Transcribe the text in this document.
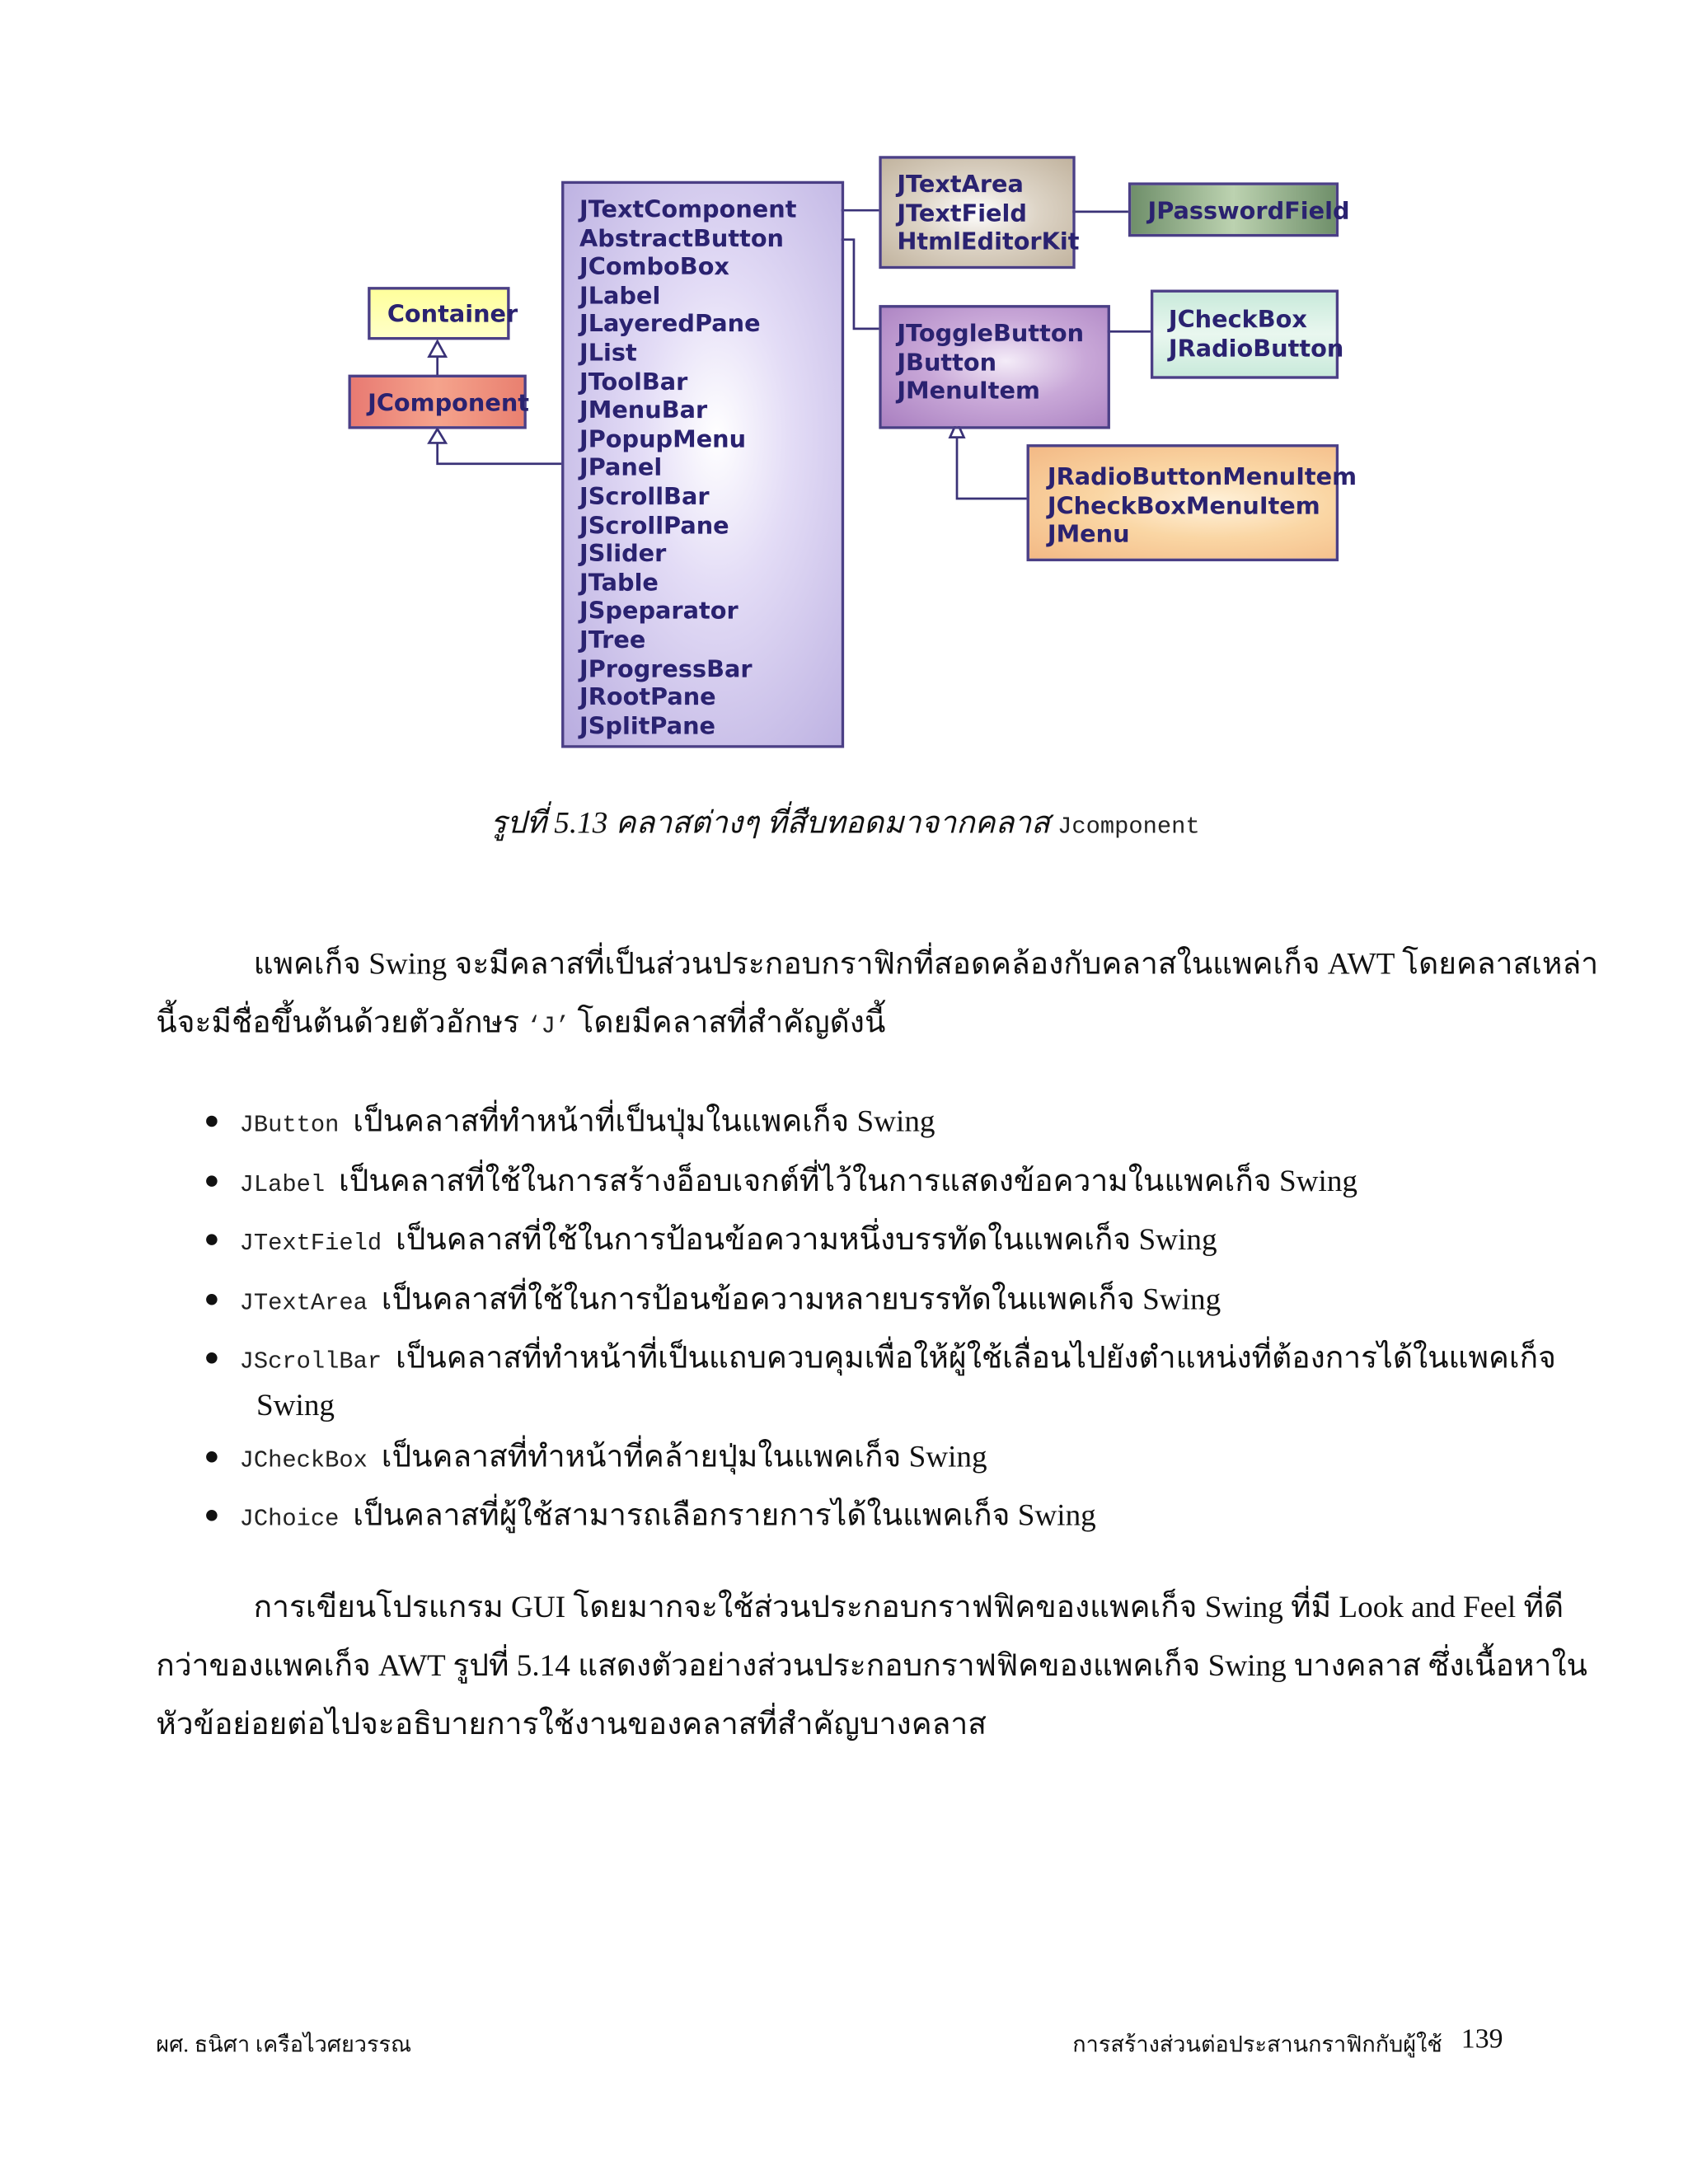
Container
JComponent
JTextComponent
AbstractButton
JComboBox
JLabel
JLayeredPane
JList
JToolBar
JMenuBar
JPopupMenu
JPanel
JScrollBar
JScrollPane
JSlider
JTable
JSpeparator
JTree
JProgressBar
JRootPane
JSplitPane
JTextArea
JTextField
HtmlEditorKit
JPasswordField
JToggleButton
JButton
JMenuItem
JCheckBox
JRadioButton
JRadioButtonMenuItem
JCheckBoxMenuItem
JMenu
รูปที่ 5.13 คลาสต่างๆ ที่สืบทอดมาจากคลาส Jcomponent
แพคเก็จ Swing จะมีคลาสที่เป็นส่วนประกอบกราฟิกที่สอดคล้องกับคลาสในแพคเก็จ AWT โดยคลาสเหล่า
นี้จะมีชื่อขึ้นต้นด้วยตัวอักษร ‘J’ โดยมีคลาสที่สำคัญดังนี้
JButton เป็นคลาสที่ทำหน้าที่เป็นปุ่มในแพคเก็จ Swing
JLabel เป็นคลาสที่ใช้ในการสร้างอ็อบเจกต์ที่ไว้ในการแสดงข้อความในแพคเก็จ Swing
JTextField เป็นคลาสที่ใช้ในการป้อนข้อความหนึ่งบรรทัดในแพคเก็จ Swing
JTextArea เป็นคลาสที่ใช้ในการป้อนข้อความหลายบรรทัดในแพคเก็จ Swing
JScrollBar เป็นคลาสที่ทำหน้าที่เป็นแถบควบคุมเพื่อให้ผู้ใช้เลื่อนไปยังตำแหน่งที่ต้องการได้ในแพคเก็จ
Swing
JCheckBox เป็นคลาสที่ทำหน้าที่คล้ายปุ่มในแพคเก็จ Swing
JChoice เป็นคลาสที่ผู้ใช้สามารถเลือกรายการได้ในแพคเก็จ Swing
การเขียนโปรแกรม GUI โดยมากจะใช้ส่วนประกอบกราฟฟิคของแพคเก็จ Swing ที่มี Look and Feel ที่ดี
กว่าของแพคเก็จ AWT รูปที่ 5.14 แสดงตัวอย่างส่วนประกอบกราฟฟิคของแพคเก็จ Swing บางคลาส ซึ่งเนื้อหาใน
หัวข้อย่อยต่อไปจะอธิบายการใช้งานของคลาสที่สำคัญบางคลาส
ผศ. ธนิศา เครือไวศยวรรณ	การสร้างส่วนต่อประสานกราฟิกกับผู้ใช้ 139
